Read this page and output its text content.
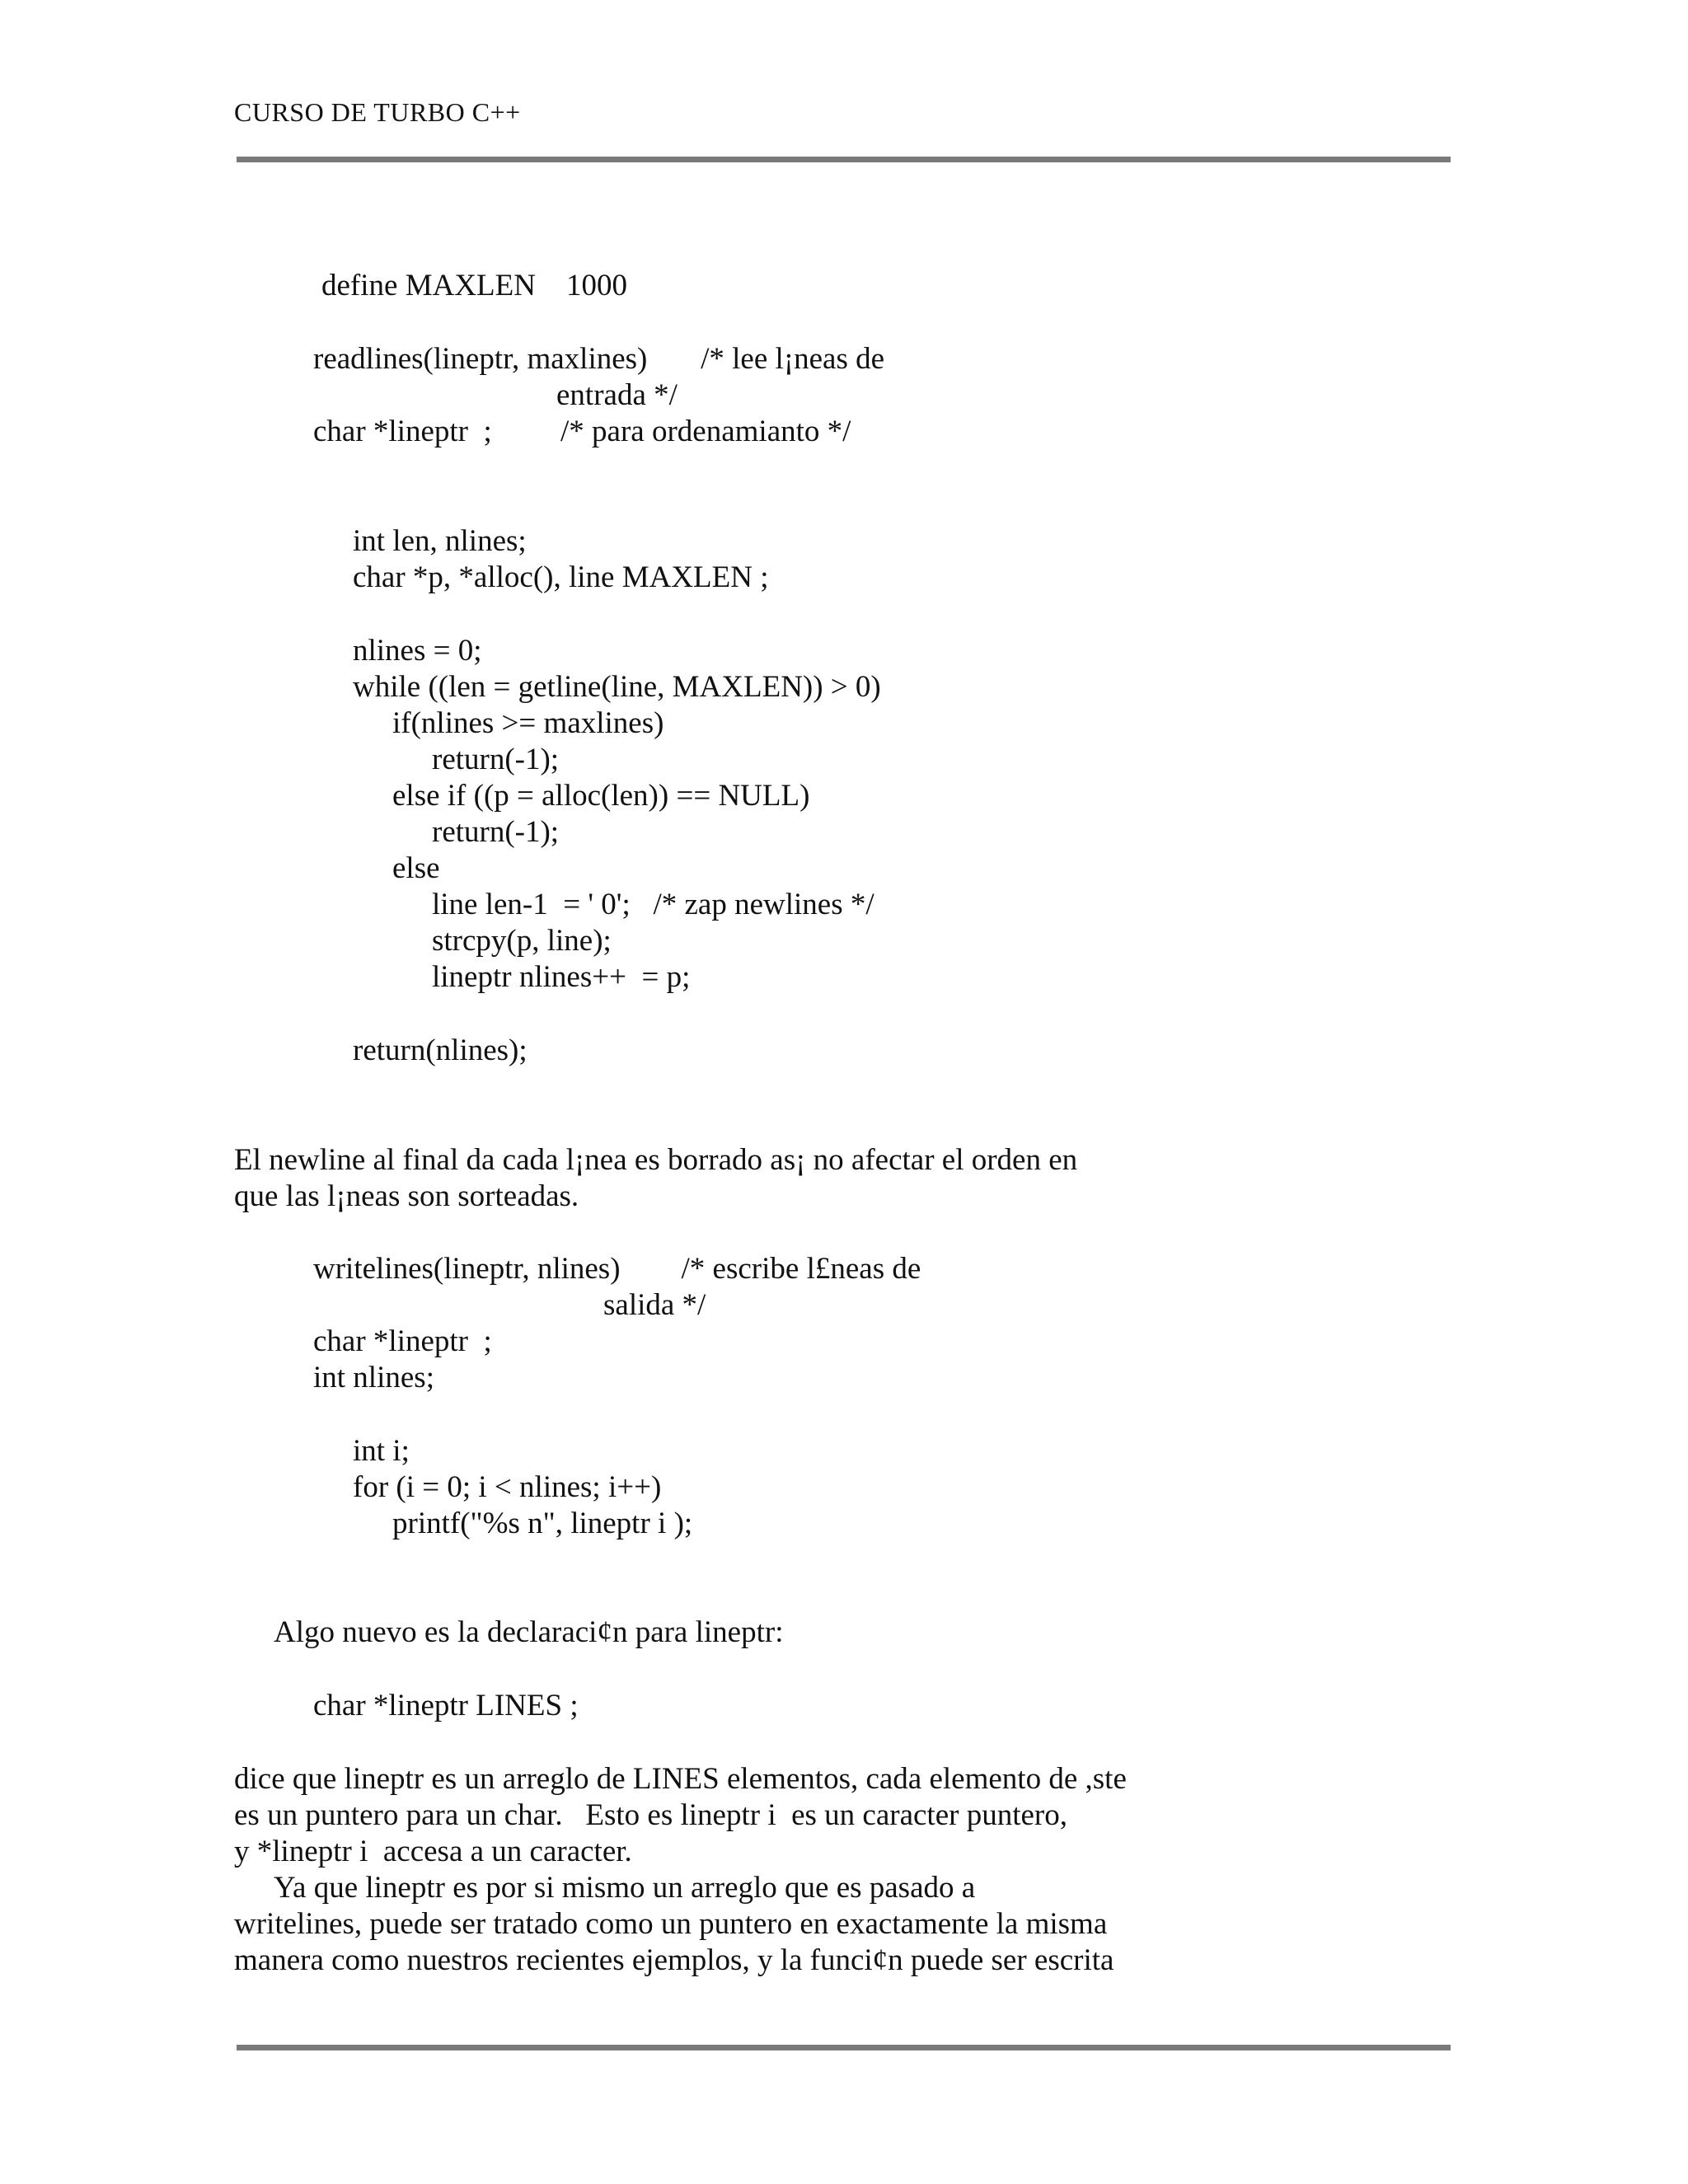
CURSO DE TURBO C++
define MAXLEN    1000
readlines(lineptr, maxlines)       /* lee l¡neas de
entrada */
char *lineptr  ;         /* para ordenamianto */
int len, nlines;
char *p, *alloc(), line MAXLEN ;
nlines = 0;
while ((len = getline(line, MAXLEN)) > 0)
if(nlines >= maxlines)
return(-1);
else if ((p = alloc(len)) == NULL)
return(-1);
else
line len-1  = ' 0';   /* zap newlines */
strcpy(p, line);
lineptr nlines++  = p;
return(nlines);
El newline al final da cada l¡nea es borrado as¡ no afectar el orden en
que las l¡neas son sorteadas.
writelines(lineptr, nlines)        /* escribe l£neas de
salida */
char *lineptr  ;
int nlines;
int i;
for (i = 0; i < nlines; i++)
printf("%s n", lineptr i );
Algo nuevo es la declaraci¢n para lineptr:
char *lineptr LINES ;
dice que lineptr es un arreglo de LINES elementos, cada elemento de ,ste
es un puntero para un char.   Esto es lineptr i  es un caracter puntero,
y *lineptr i  accesa a un caracter.
Ya que lineptr es por si mismo un arreglo que es pasado a
writelines, puede ser tratado como un puntero en exactamente la misma
manera como nuestros recientes ejemplos, y la funci¢n puede ser escrita
